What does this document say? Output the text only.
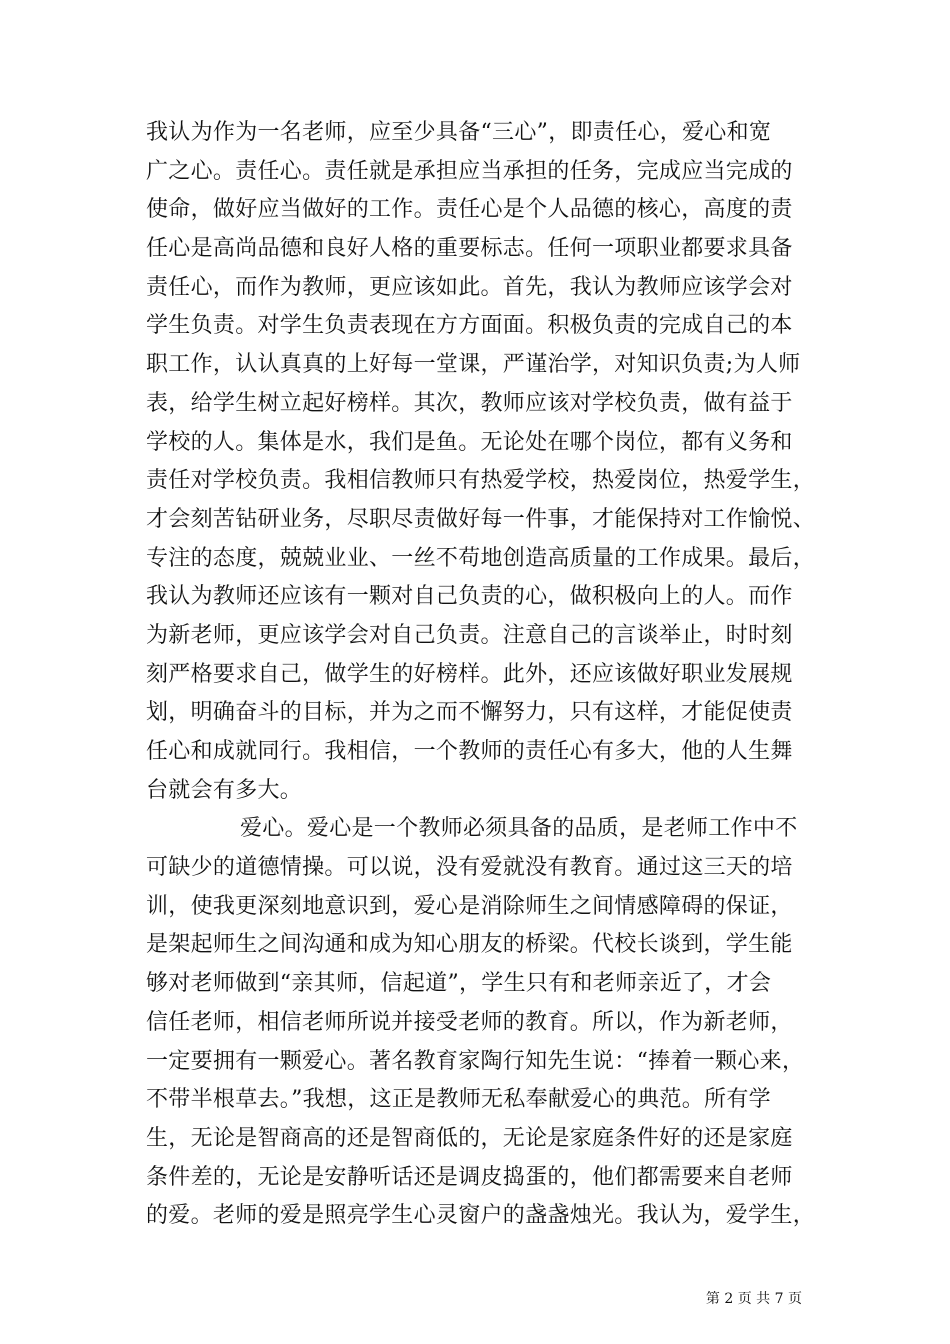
我认为作为一名老师，应至少具备“三心”，即责任心，爱心和宽
广之心。责任心。责任就是承担应当承担的任务，完成应当完成的
使命，做好应当做好的工作。责任心是个人品德的核心，高度的责
任心是高尚品德和良好人格的重要标志。任何一项职业都要求具备
责任心，而作为教师，更应该如此。首先，我认为教师应该学会对
学生负责。对学生负责表现在方方面面。积极负责的完成自己的本
职工作，认认真真的上好每一堂课，严谨治学，对知识负责;为人师
表，给学生树立起好榜样。其次，教师应该对学校负责，做有益于
学校的人。集体是水，我们是鱼。无论处在哪个岗位，都有义务和
责任对学校负责。我相信教师只有热爱学校，热爱岗位，热爱学生，
才会刻苦钻研业务，尽职尽责做好每一件事，才能保持对工作愉悦、
专注的态度，兢兢业业、一丝不苟地创造高质量的工作成果。最后，
我认为教师还应该有一颗对自己负责的心，做积极向上的人。而作
为新老师，更应该学会对自己负责。注意自己的言谈举止，时时刻
刻严格要求自己，做学生的好榜样。此外，还应该做好职业发展规
划，明确奋斗的目标，并为之而不懈努力，只有这样，才能促使责
任心和成就同行。我相信，一个教师的责任心有多大，他的人生舞
台就会有多大。
爱心。爱心是一个教师必须具备的品质，是老师工作中不
可缺少的道德情操。可以说，没有爱就没有教育。通过这三天的培
训，使我更深刻地意识到，爱心是消除师生之间情感障碍的保证，
是架起师生之间沟通和成为知心朋友的桥梁。代校长谈到，学生能
够对老师做到“亲其师，信起道”，学生只有和老师亲近了，才会
信任老师，相信老师所说并接受老师的教育。所以，作为新老师，
一定要拥有一颗爱心。著名教育家陶行知先生说：“捧着一颗心来，
不带半根草去。”我想，这正是教师无私奉献爱心的典范。所有学
生，无论是智商高的还是智商低的，无论是家庭条件好的还是家庭
条件差的，无论是安静听话还是调皮捣蛋的，他们都需要来自老师
的爱。老师的爱是照亮学生心灵窗户的盏盏烛光。我认为，爱学生，
第 2 页 共 7 页
